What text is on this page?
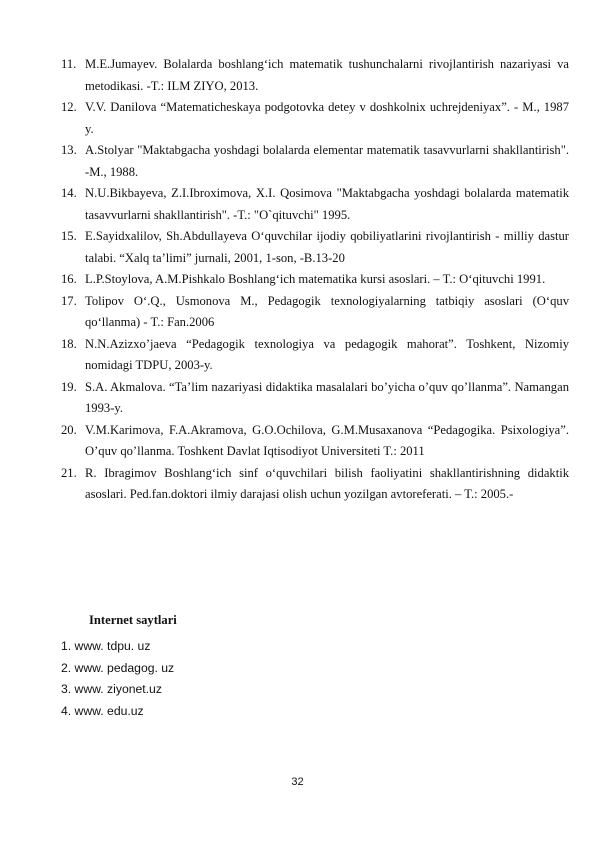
11. M.E.Jumayev. Bolalarda boshlang‘ich matematik tushunchalarni rivojlantirish nazariyasi va metodikasi. -T.: ILM ZIYO, 2013.
12. V.V. Danilova “Matematicheskaya podgotovka detey v doshkolnix uchrejdeniyax”. - M., 1987 y.
13. A.Stolyar "Maktabgacha yoshdagi bolalarda elementar matematik tasavvurlarni shakllantirish". -M., 1988.
14. N.U.Bikbayeva, Z.I.Ibroximova, X.I. Qosimova "Maktabgacha yoshdagi bolalarda matematik tasavvurlarni shakllantirish". -T.: "O`qituvchi" 1995.
15. E.Sayidxalilov, Sh.Abdullayeva O‘quvchilar ijodiy qobiliyatlarini rivojlantirish - milliy dastur talabi. “Xalq ta’limi” jurnali, 2001, 1-son, -B.13-20
16. L.P.Stoylova, A.M.Pishkalo Boshlang‘ich matematika kursi asoslari. – T.: O‘qituvchi 1991.
17. Tolipov O‘.Q., Usmonova M., Pedagogik texnologiyalarning tatbiqiy asoslari (O‘quv qo‘llanma) - T.: Fan.2006
18. N.N.Azizxo’jaeva “Pedagogik texnologiya va pedagogik mahorat”. Toshkent, Nizomiy nomidagi TDPU, 2003-y.
19. S.A. Akmalova. “Ta’lim nazariyasi didaktika masalalari bo’yicha o’quv qo’llanma”. Namangan 1993-y.
20. V.M.Karimova, F.A.Akramova, G.O.Ochilova, G.M.Musaxanova “Pedagogika. Psixologiya”. O’quv qo’llanma. Toshkent Davlat Iqtisodiyot Universiteti T.: 2011
21. R. Ibragimov Boshlang‘ich sinf o‘quvchilari bilish faoliyatini shakllantirishning didaktik asoslari. Ped.fan.doktori ilmiy darajasi olish uchun yozilgan avtoreferati. – T.: 2005.-
Internet saytlari
1. www. tdpu. uz
2. www. pedagog. uz
3. www. ziyonet.uz
4. www. edu.uz
32
